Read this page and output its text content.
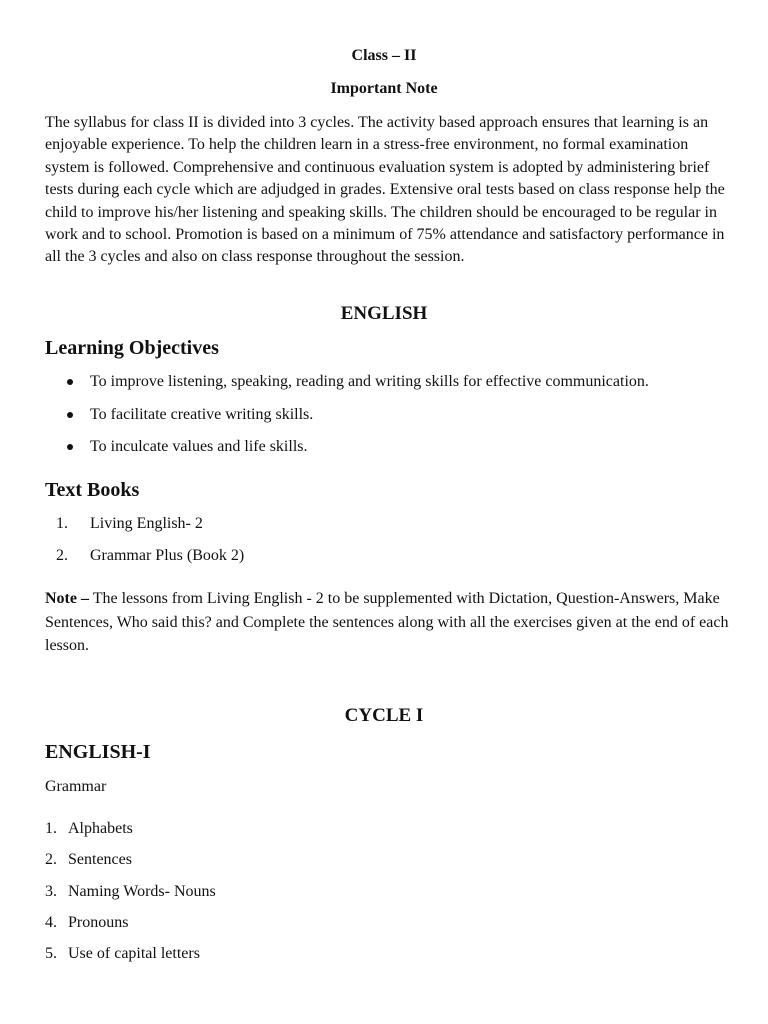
Class – II
Important Note

The syllabus for class II is divided into 3 cycles. The activity based approach ensures that learning is an enjoyable experience. To help the children learn in a stress-free environment, no formal examination system is followed. Comprehensive and continuous evaluation system is adopted by administering brief tests during each cycle which are adjudged in grades. Extensive oral tests based on class response help the child to improve his/her listening and speaking skills. The children should be encouraged to be regular in work and to school. Promotion is based on a minimum of 75% attendance and satisfactory performance in all the 3 cycles and also on class response throughout the session.

ENGLISH
Learning Objectives
To improve listening, speaking, reading and writing skills for effective communication.
To facilitate creative writing skills.
To inculcate values and life skills.
Text Books
1. Living English- 2
2. Grammar Plus (Book 2)

Note – The lessons from Living English - 2 to be supplemented with Dictation, Question-Answers, Make Sentences, Who said this? and Complete the sentences along with all the exercises given at the end of each lesson.

CYCLE I
ENGLISH-I
Grammar
1. Alphabets
2. Sentences
3. Naming Words- Nouns
4. Pronouns
5. Use of capital letters
